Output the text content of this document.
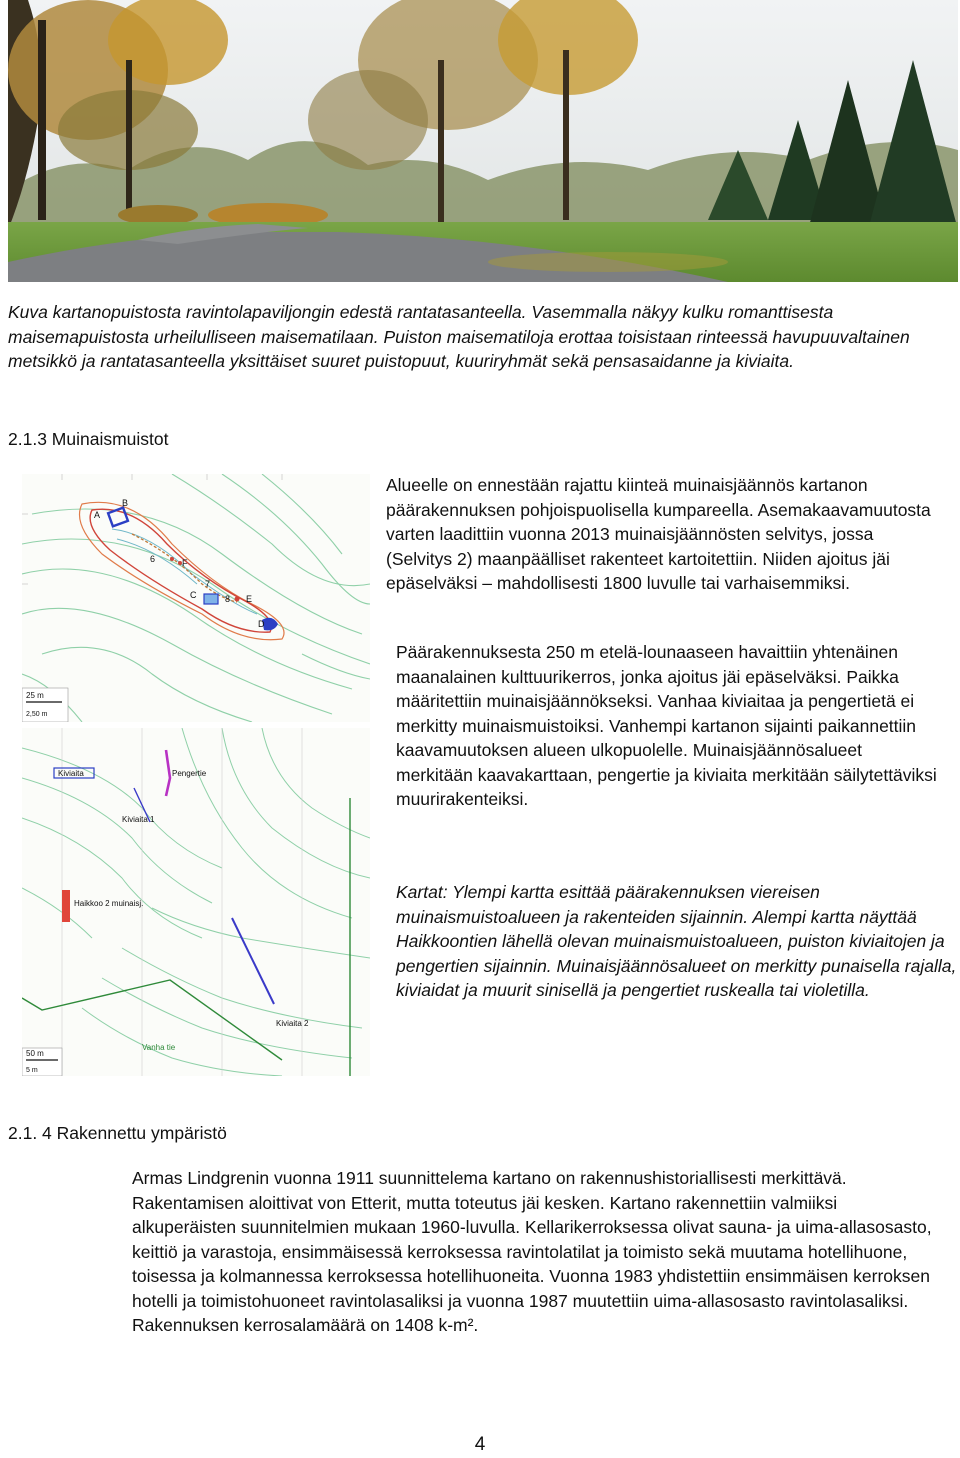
Kuva kartanopuistosta ravintolapaviljongin edestä rantatasanteella. Vasemmalla näkyy kulku romanttisesta maisemapuistosta urheilulliseen maisematilaan. Puiston maisematiloja erottaa toisistaan rinteessä havupuuvaltainen metsikkö ja rantatasanteella yksittäiset suuret puistopuut, kuuriryhmät sekä pensasaidanne ja kiviaita.
2.1.3 Muinaismuistot
A
B
6	F
7
C	8 E
D
25 m
2,50 m
Kiviaita	Pengertie
Kiviaita 1
Haikkoo 2 muinaisj.
Kiviaita 2
Vanha tie
50 m
5 m
Alueelle on ennestään rajattu kiinteä muinaisjäännös kartanon päärakennuksen pohjoispuolisella kumpareella. Asemakaavamuutosta varten laadittiin vuonna 2013 muinaisjäännösten selvitys, jossa (Selvitys 2) maanpäälliset rakenteet kartoitettiin. Niiden ajoitus jäi epäselväksi – mahdollisesti 1800 luvulle tai varhaisemmiksi.
Päärakennuksesta 250 m etelä-lounaaseen havaittiin yhtenäinen maanalainen kulttuurikerros, jonka ajoitus jäi epäselväksi. Paikka määritettiin muinaisjäännökseksi. Vanhaa kiviaitaa ja pengertietä ei merkitty muinaismuistoiksi. Vanhempi kartanon sijainti paikannettiin kaavamuutoksen alueen ulkopuolelle. Muinaisjäännösalueet merkitään kaavakarttaan, pengertie ja kiviaita merkitään säilytettäviksi muurirakenteiksi.
Kartat: Ylempi kartta esittää päärakennuksen viereisen muinaismuistoalueen ja rakenteiden sijainnin. Alempi kartta näyttää Haikkoontien lähellä olevan muinaismuistoalueen, puiston kiviaitojen ja pengertien sijainnin. Muinaisjäännösalueet on merkitty punaisella rajalla, kiviaidat ja muurit sinisellä ja pengertiet ruskealla tai violetilla.
2.1. 4 Rakennettu ympäristö
Armas Lindgrenin vuonna 1911 suunnittelema kartano on rakennushistoriallisesti merkittävä. Rakentamisen aloittivat von Etterit, mutta toteutus jäi kesken. Kartano rakennettiin valmiiksi alkuperäisten suunnitelmien mukaan 1960-luvulla. Kellarikerroksessa olivat sauna- ja uima-allasosasto, keittiö ja varastoja, ensimmäisessä kerroksessa ravintolatilat ja toimisto sekä muutama hotellihuone, toisessa ja kolmannessa kerroksessa hotellihuoneita. Vuonna 1983 yhdistettiin ensimmäisen kerroksen hotelli ja toimistohuoneet ravintolasaliksi ja vuonna 1987 muutettiin uima-allasosasto ravintolasaliksi. Rakennuksen kerrosalamäärä on 1408 k-m².
4
